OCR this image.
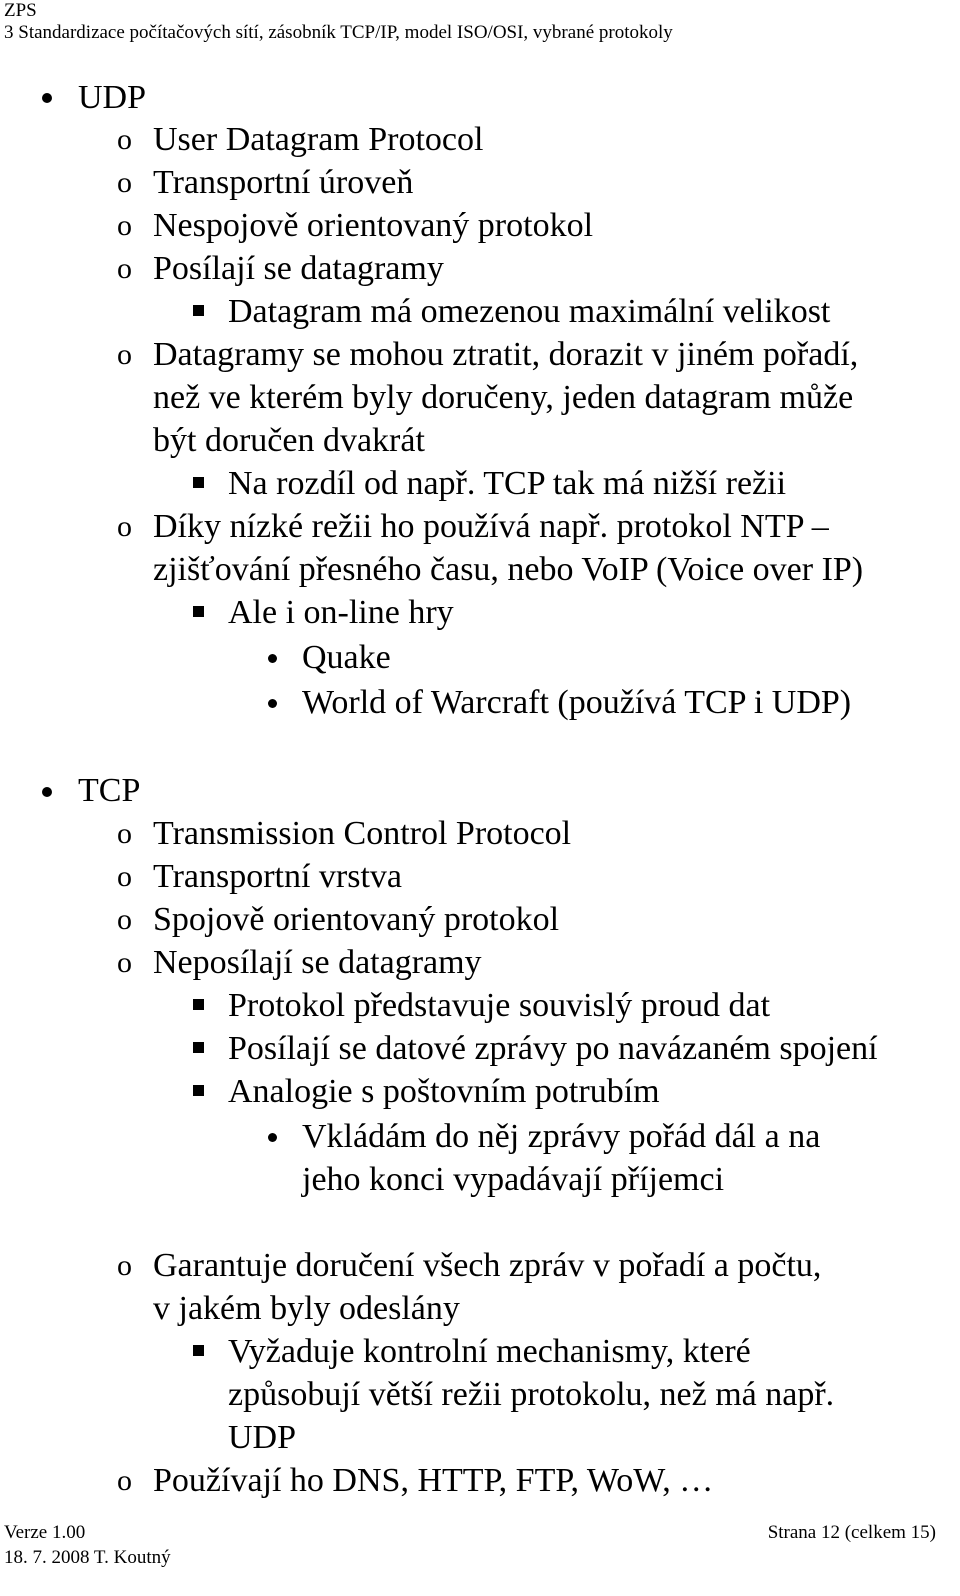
ZPS
3 Standardizace počítačových sítí, zásobník TCP/IP, model ISO/OSI, vybrané protokoly
UDP
o User Datagram Protocol
o Transportní úroveň
o Nespojově orientovaný protokol
o Posílají se datagramy
Datagram má omezenou maximální velikost
o Datagramy se mohou ztratit, dorazit v jiném pořadí,
než ve kterém byly doručeny, jeden datagram může
být doručen dvakrát
Na rozdíl od např. TCP tak má nižší režii
o Díky nízké režii ho používá např. protokol NTP –
zjišťování přesného času, nebo VoIP (Voice over IP)
Ale i on-line hry
Quake
World of Warcraft (používá TCP i UDP)
TCP
o Transmission Control Protocol
o Transportní vrstva
o Spojově orientovaný protokol
o Neposílají se datagramy
Protokol představuje souvislý proud dat
Posílají se datové zprávy po navázaném spojení
Analogie s poštovním potrubím
Vkládám do něj zprávy pořád dál a na
jeho konci vypadávají příjemci
o Garantuje doručení všech zpráv v pořadí a počtu,
v jakém byly odeslány
Vyžaduje kontrolní mechanismy, které
způsobují větší režii protokolu, než má např.
UDP
o Používají ho DNS, HTTP, FTP, WoW, …
Verze 1.00
18. 7. 2008 T. Koutný
Strana 12 (celkem 15)
